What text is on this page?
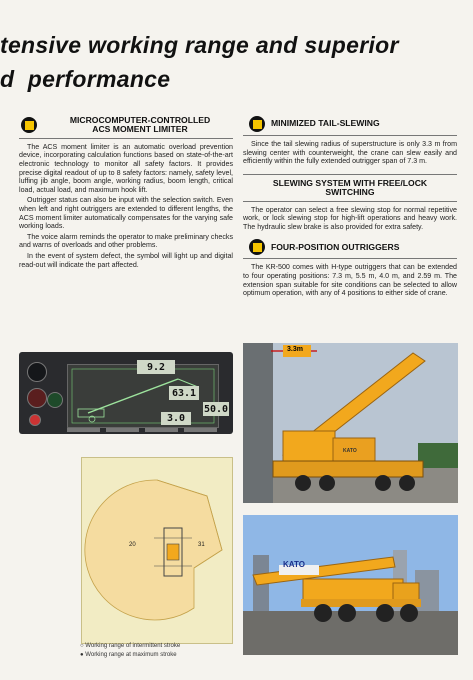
tensive working range and superior
d  performance
MICROCOMPUTER-CONTROLLED
ACS MOMENT LIMITER

The ACS moment limiter is an automatic overload prevention device, incorporating calculation functions based on state-of-the-art electronic technology to monitor all safety factors. It provides precise digital readout of up to 8 safety factors: namely, safety level, luffing jib angle, boom angle, working radius, boom length, critical load, actual load, and maximum hook lift.

Outrigger status can also be input with the selection switch. Even when left and right outriggers are extended to different lengths, the ACS moment limiter automatically compensates for the varying safe working loads.

The voice alarm reminds the operator to make preliminary checks and warns of overloads and other problems.

In the event of system defect, the symbol will light up and digital read-out will indicate the part affected.

MINIMIZED TAIL-SLEWING

Since the tail slewing radius of superstructure is only 3.3 m from slewing center with counterweight, the crane can slew easily and efficiently within the fully extended outrigger span of 7.3 m.

SLEWING SYSTEM WITH FREE/LOCK
SWITCHING

The operator can select a free slewing stop for normal repetitive work, or lock slewing stop for high-lift operations and heavy work. The hydraulic slew brake is also provided for extra safety.

FOUR-POSITION OUTRIGGERS

The KR-500 comes with H-type outriggers that can be extended to four operating positions: 7.3 m, 5.5 m, 4.0 m, and 2.59 m. The extension span suitable for site conditions can be selected to allow optimum operation, with any of 4 positions to either side of crane.

9.2
63.1
50.0
3.0
20	31
○ Working range of intermittent stroke
● Working range at maximum stroke
3.3m
KATO
KATO
